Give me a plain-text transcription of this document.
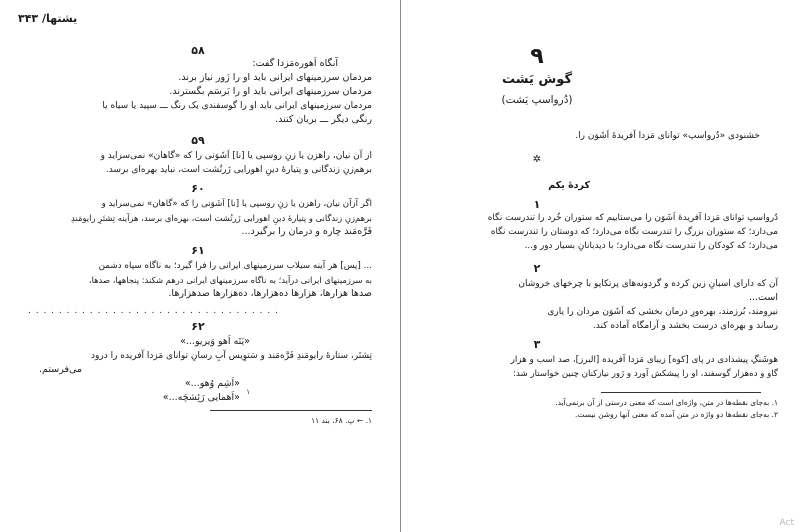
یشتها/ ۳۴۳
۵۸
آنگاه اَهوره‌مَزدا گفت:
مردمان سرزمینهای ایرانی باید او را زَور نیاز برند.
مردمان سرزمینهای ایرانی باید او را بَرسَم بگسترند.
مردمان سرزمینهای ایرانی باید او را گوسفندی یک رنگ ـــ سپید یا سیاه یا
رنگی دیگر ـــ بریان کنند.
۵۹
از آن نیان، راهزن یا زنِ روسپی یا [نا] اَشَوَنی را که «گاهان» نمی‌سراید و
برهم‌زنِ زندگانی و پتیارهٔ دینِ اهورایی زَرتُشت است، نباید بهره‌ای برسد.
۶۰
اگر آزآن نیان، راهزن یا زنِ روسپی یا [نا] اَشَوَنی را که «گاهان» نمی‌سراید و
برهم‌زنِ زندگانی و پتیارهٔ دینِ اهورایی زَرتُشت است، بهره‌ای برسد، هرآینه تِشتَرِ رایومَندِ
فَرَّه‌مَند چاره و درمان را برگیرد...
۶۱
... [پس] هر آینه سیلاب سرزمینهای ایرانی را فرا گیرد؛ به ناگاه سپاه دشمن
به سرزمینهای ایرانی درآید؛ به ناگاه سرزمینهای ایرانی درهم شکند: پنجاهها، صدها،
صدها هزارها، هزارها ده‌هزارها، ده‌هزارها صدهزارها.
. . . . . . . . . . . . . . . . . . . . . . . . . . . . . . . . .
۶۲
«یَتَه اَهو وَیریو...»
تِشتَر، ستارهٔ رایومَندِ فَرَّه‌مَند و سَتوِیس آبِ رسانِ توانای مَزدا آفریده را درود
می‌فرستم.
«اَشِم وُهو...»
«اَهمایی رَئِشچَه...» ۱
۱. ← پ. ۶۸، بند ۱۱
۹
گوش یَشت
(دُرواسپ یَشت)
خشنودی «دُرواسپ» توانای مَزدا آفریدهٔ اَشَوَن را.
✲
کردهٔ یکم
۱
دُرواسپ توانای مَزدا آفریدهٔ اَشَوَن را می‌ستاییم که ستوران خُرد را تندرست نگاه
می‌دارد؛ که ستوران بزرگ را تندرست نگاه می‌دارد؛ که دوستان را تندرست نگاه
می‌دارد؛ که کودکان را تندرست نگاه می‌دارد؛ با دیدبانانِ بسیار دور و...
۲
آن که دارای اسبانِ زین کرده و گردونه‌های پرتکاپو با چرخهای خروشان
است...
نیرومند، بُرزمند، بهره‌ورِ درمان بخشی که اَشَوَن مردان را یاری
رساند و بهره‌ای درست بخشد و آرامگاه آماده کند.
۳
هوشَنگِ پیشدادی در پای [کوه] زیبای مَزدا آفریده [البرز]، صد اسب و هزار
گاو و ده‌هزار گوسفند، او را پیشکش آورد و زَور نیازکنان چنین خواستار شد:
۱. به‌جای نقطه‌ها در متن، واژه‌ای است که معنی درستی از آن برنمی‌آید.
۲. به‌جای نقطه‌ها دو واژه در متن آمده که معنی آنها روشن نیست.
Act
